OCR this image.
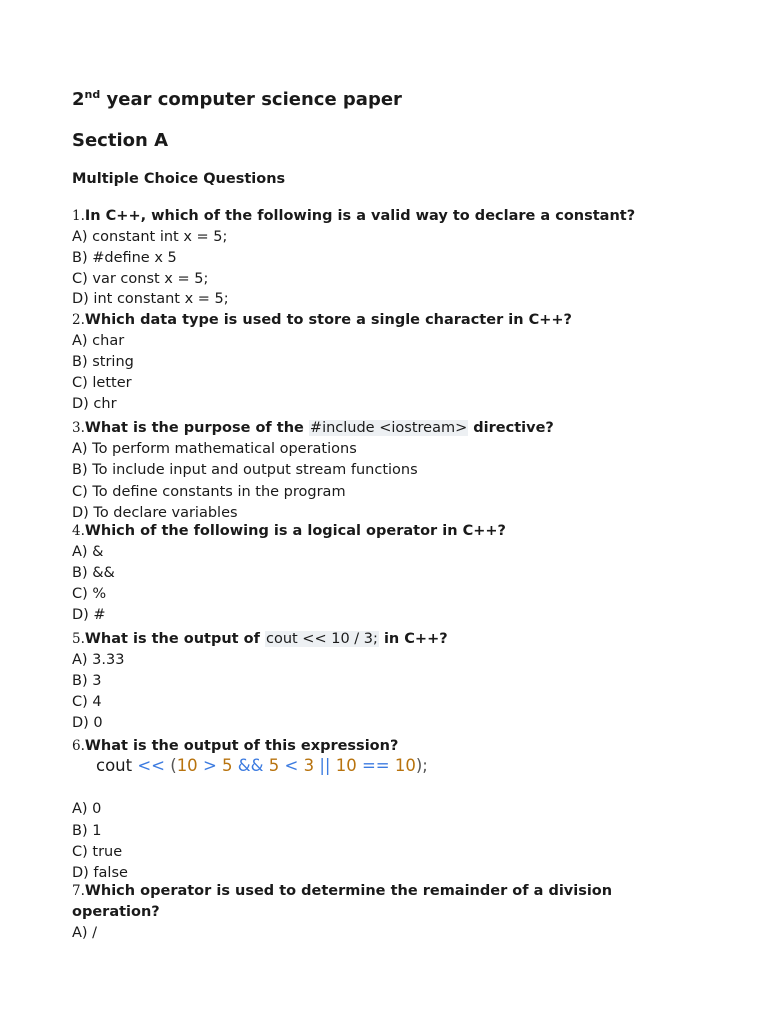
2nd year computer science paper
Section A
Multiple Choice Questions
1.In C++, which of the following is a valid way to declare a constant?
A) constant int x = 5;
B) #define x 5
C) var const x = 5;
D) int constant x = 5;
2.Which data type is used to store a single character in C++?
A) char
B) string
C) letter
D) chr
3.What is the purpose of the #include <iostream> directive?
A) To perform mathematical operations
B) To include input and output stream functions
C) To define constants in the program
D) To declare variables
4.Which of the following is a logical operator in C++?
A) &
B) &&
C) %
D) #
5.What is the output of cout << 10 / 3; in C++?
A) 3.33
B) 3
C) 4
D) 0
6.What is the output of this expression?
cout << (10 > 5 && 5 < 3 || 10 == 10);
A) 0
B) 1
C) true
D) false
7.Which operator is used to determine the remainder of a division operation?
A) /
